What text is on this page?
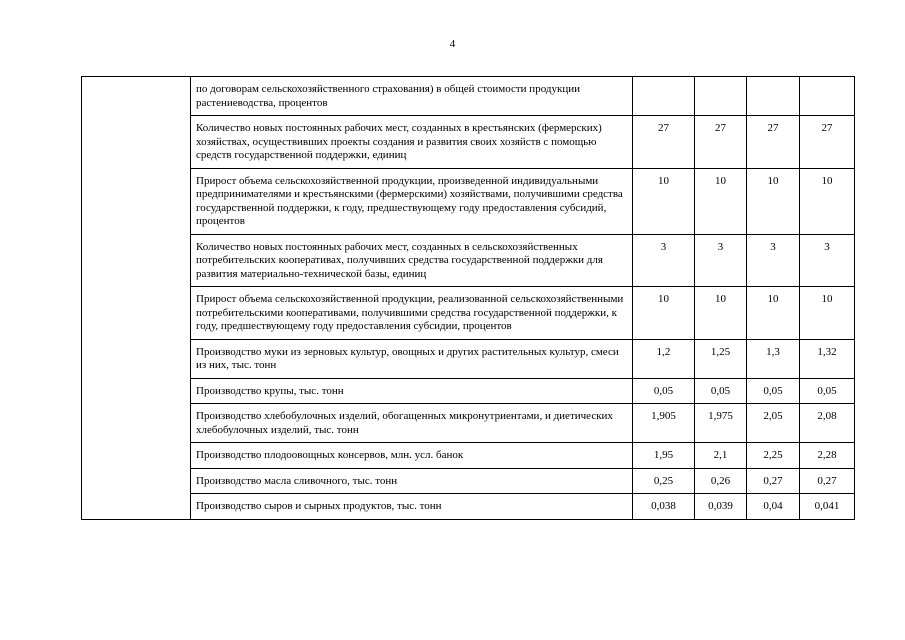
4
	по договорам сельскохозяйственного страхования) в общей стоимости продукции растениеводства, процентов				
	Количество новых постоянных рабочих мест, созданных в крестьянских (фермерских) хозяйствах, осуществивших проекты создания и развития своих хозяйств с помощью средств государственной поддержки, единиц	27	27	27	27
	Прирост объема сельскохозяйственной продукции, произведенной индивидуальными предпринимателями и крестьянскими (фермерскими) хозяйствами, получившими средства государственной поддержки, к году, предшествующему году предоставления субсидий, процентов	10	10	10	10
	Количество новых постоянных рабочих мест, созданных в сельскохозяйственных потребительских кооперативах, получивших средства государственной поддержки для развития материально-технической базы, единиц	3	3	3	3
	Прирост объема сельскохозяйственной продукции, реализованной сельскохозяйственными потребительскими кооперативами, получившими средства государственной поддержки, к году, предшествующему году предоставления субсидии, процентов	10	10	10	10
	Производство муки из зерновых культур, овощных и других растительных культур, смеси из них, тыс. тонн	1,2	1,25	1,3	1,32
	Производство крупы, тыс. тонн	0,05	0,05	0,05	0,05
	Производство хлебобулочных изделий, обогащенных микронутриентами, и диетических хлебобулочных изделий, тыс. тонн	1,905	1,975	2,05	2,08
	Производство плодоовощных консервов, млн. усл. банок	1,95	2,1	2,25	2,28
	Производство масла сливочного, тыс. тонн	0,25	0,26	0,27	0,27
	Производство сыров и сырных продуктов, тыс. тонн	0,038	0,039	0,04	0,041
